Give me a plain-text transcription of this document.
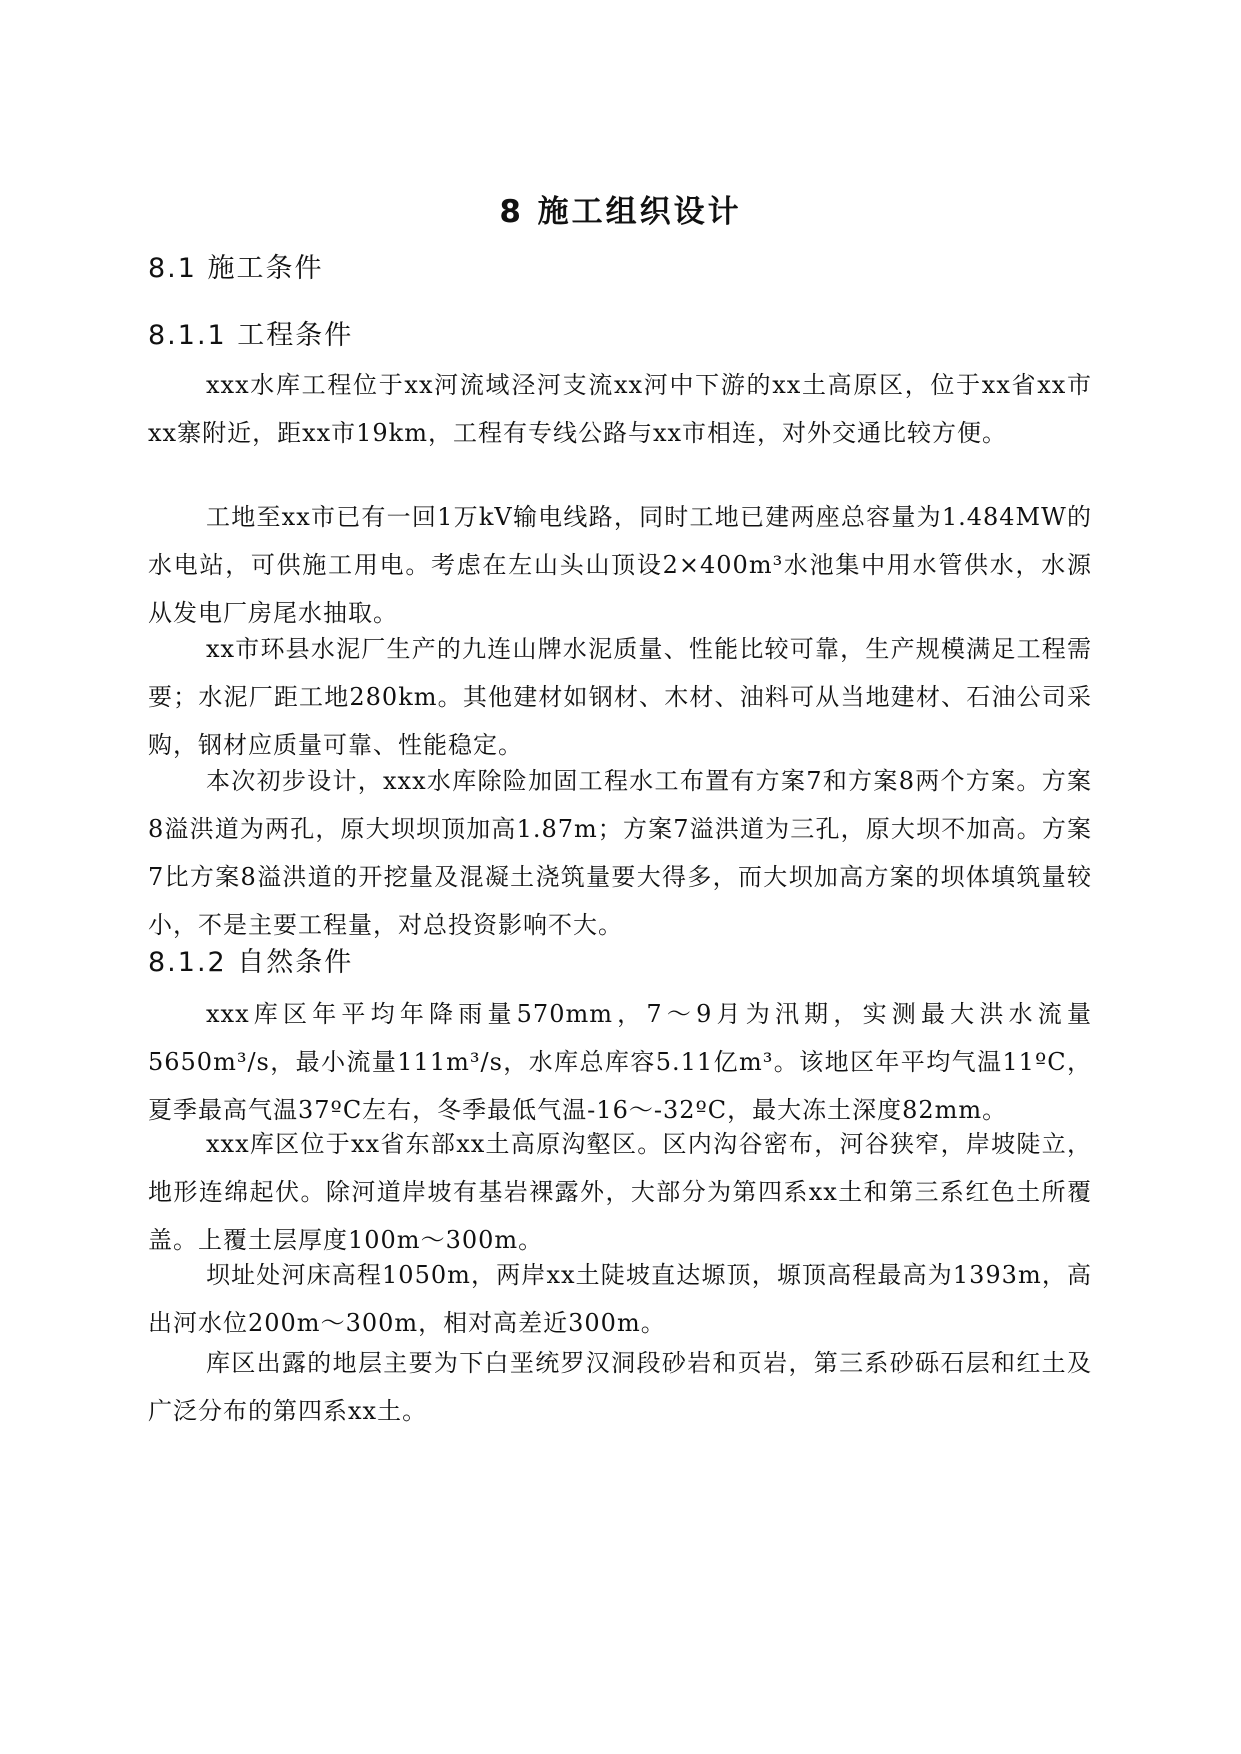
8 施工组织设计
8.1 施工条件
8.1.1 工程条件

xxx水库工程位于xx河流域泾河支流xx河中下游的xx土高原区，位于xx省xx市xx寨附近，距xx市19km，工程有专线公路与xx市相连，对外交通比较方便。

工地至xx市已有一回1万kV输电线路，同时工地已建两座总容量为1.484MW的水电站，可供施工用电。考虑在左山头山顶设2×400m³水池集中用水管供水，水源从发电厂房尾水抽取。

xx市环县水泥厂生产的九连山牌水泥质量、性能比较可靠，生产规模满足工程需要；水泥厂距工地280km。其他建材如钢材、木材、油料可从当地建材、石油公司采购，钢材应质量可靠、性能稳定。

本次初步设计，xxx水库除险加固工程水工布置有方案7和方案8两个方案。方案8溢洪道为两孔，原大坝坝顶加高1.87m；方案7溢洪道为三孔，原大坝不加高。方案7比方案8溢洪道的开挖量及混凝土浇筑量要大得多，而大坝加高方案的坝体填筑量较小，不是主要工程量，对总投资影响不大。

8.1.2 自然条件

xxx库区年平均年降雨量570mm，7～9月为汛期，实测最大洪水流量5650m³/s，最小流量111m³/s，水库总库容5.11亿m³。该地区年平均气温11ºC，夏季最高气温37ºC左右，冬季最低气温-16～-32ºC，最大冻土深度82mm。

xxx库区位于xx省东部xx土高原沟壑区。区内沟谷密布，河谷狭窄，岸坡陡立，地形连绵起伏。除河道岸坡有基岩裸露外，大部分为第四系xx土和第三系红色土所覆盖。上覆土层厚度100m～300m。

坝址处河床高程1050m，两岸xx土陡坡直达塬顶，塬顶高程最高为1393m，高出河水位200m～300m，相对高差近300m。

库区出露的地层主要为下白垩统罗汉洞段砂岩和页岩，第三系砂砾石层和红土及广泛分布的第四系xx土。
